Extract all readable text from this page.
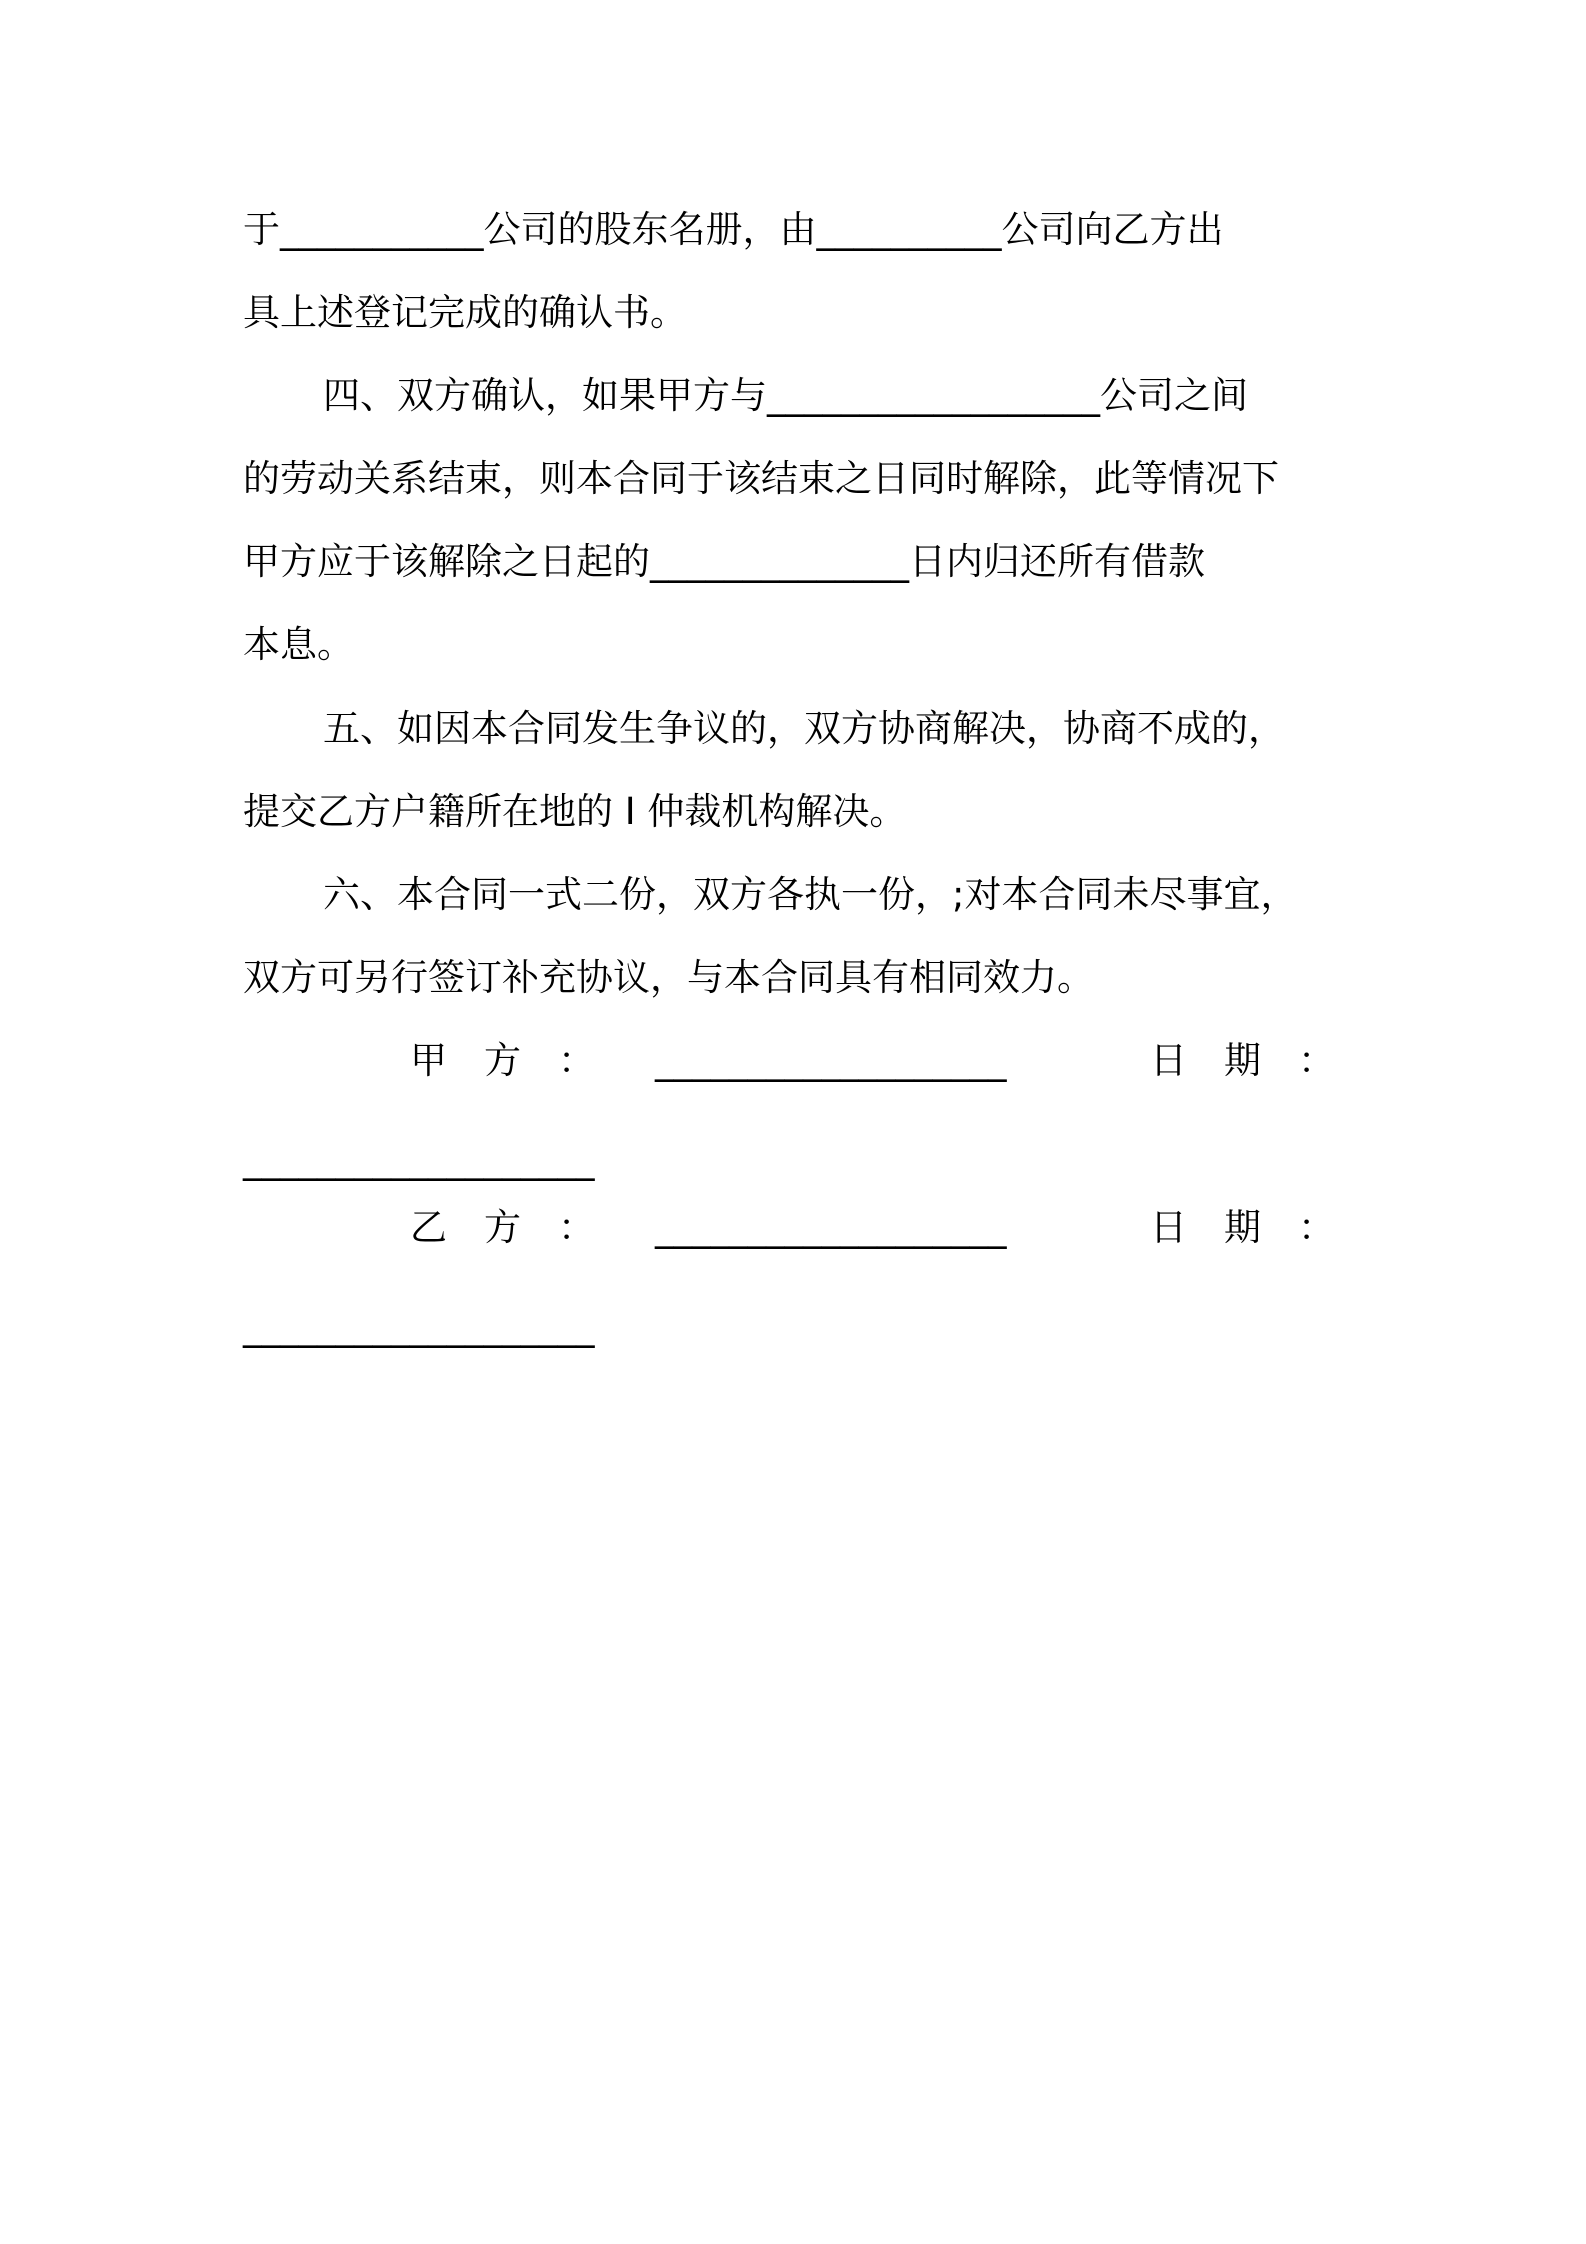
于___________公司的股东名册，由__________公司向乙方出
具上述登记完成的确认书。
四、双方确认，如果甲方与__________________公司之间
的劳动关系结束，则本合同于该结束之日同时解除，此等情况下
甲方应于该解除之日起的______________日内归还所有借款
本息。
五、如因本合同发生争议的，双方协商解决，协商不成的，
提交乙方户籍所在地的 I 仲裁机构解决。
六、本合同一式二份，双方各执一份，;对本合同未尽事宜，
双方可另行签订补充协议，与本合同具有相同效力。
甲　方　： ___________________	日　期　：
___________________
乙　方　： ___________________	日　期　：
___________________
